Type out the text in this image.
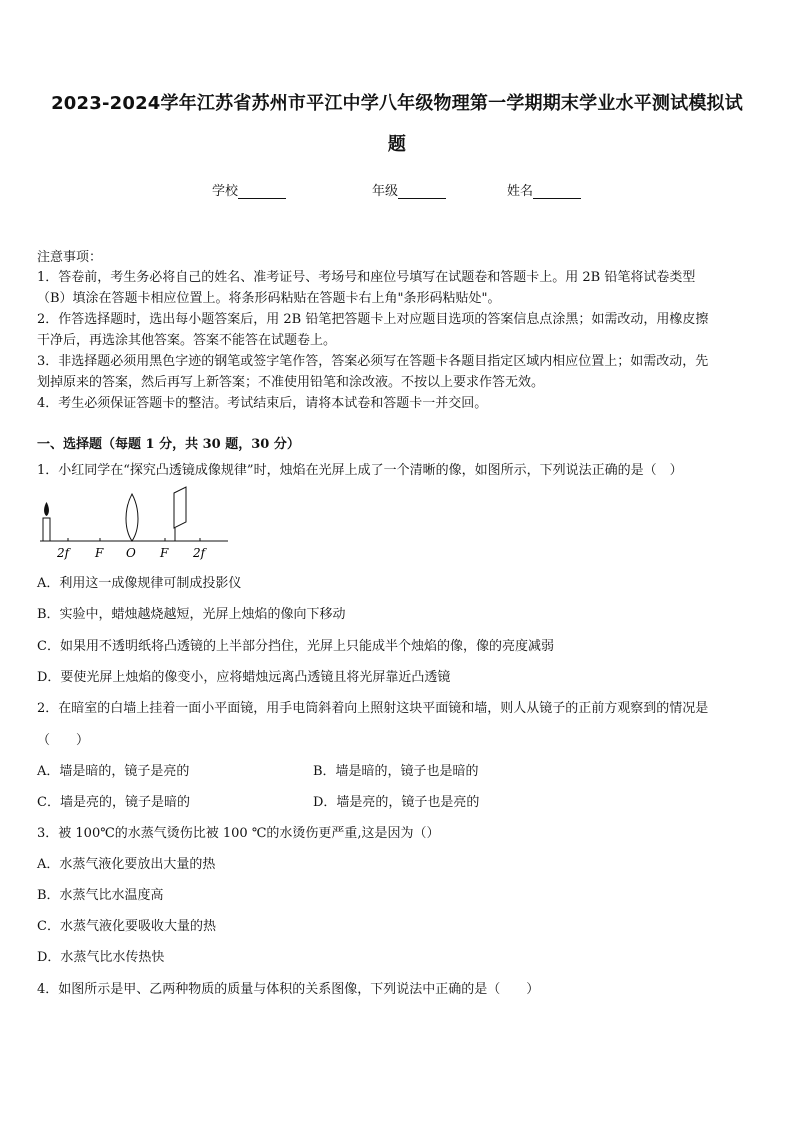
2023-2024学年江苏省苏州市平江中学八年级物理第一学期期末学业水平测试模拟试
题
学校	年级	姓名
注意事项：
1．答卷前，考生务必将自己的姓名、准考证号、考场号和座位号填写在试题卷和答题卡上。用 2B 铅笔将试卷类型
（B）填涂在答题卡相应位置上。将条形码粘贴在答题卡右上角"条形码粘贴处"。
2．作答选择题时，选出每小题答案后，用 2B 铅笔把答题卡上对应题目选项的答案信息点涂黑；如需改动，用橡皮擦
干净后，再选涂其他答案。答案不能答在试题卷上。
3．非选择题必须用黑色字迹的钢笔或签字笔作答，答案必须写在答题卡各题目指定区域内相应位置上；如需改动，先
划掉原来的答案，然后再写上新答案；不准使用铅笔和涂改液。不按以上要求作答无效。
4．考生必须保证答题卡的整洁。考试结束后，请将本试卷和答题卡一并交回。
一、选择题（每题 1 分，共 30 题，30 分）
1．小红同学在“探究凸透镜成像规律”时，烛焰在光屏上成了一个清晰的像，如图所示，下列说法正确的是（　）
2f F O F 2f
A．利用这一成像规律可制成投影仪
B．实验中，蜡烛越烧越短，光屏上烛焰的像向下移动
C．如果用不透明纸将凸透镜的上半部分挡住，光屏上只能成半个烛焰的像，像的亮度减弱
D．要使光屏上烛焰的像变小，应将蜡烛远离凸透镜且将光屏靠近凸透镜
2．在暗室的白墙上挂着一面小平面镜，用手电筒斜着向上照射这块平面镜和墙，则人从镜子的正前方观察到的情况是
（　　）
A．墙是暗的，镜子是亮的	B．墙是暗的，镜子也是暗的
C．墙是亮的，镜子是暗的	D．墙是亮的，镜子也是亮的
3．被 100℃的水蒸气烫伤比被 100 ℃的水烫伤更严重,这是因为（）
A．水蒸气液化要放出大量的热
B．水蒸气比水温度高
C．水蒸气液化要吸收大量的热
D．水蒸气比水传热快
4．如图所示是甲、乙两种物质的质量与体积的关系图像，下列说法中正确的是（　　）
